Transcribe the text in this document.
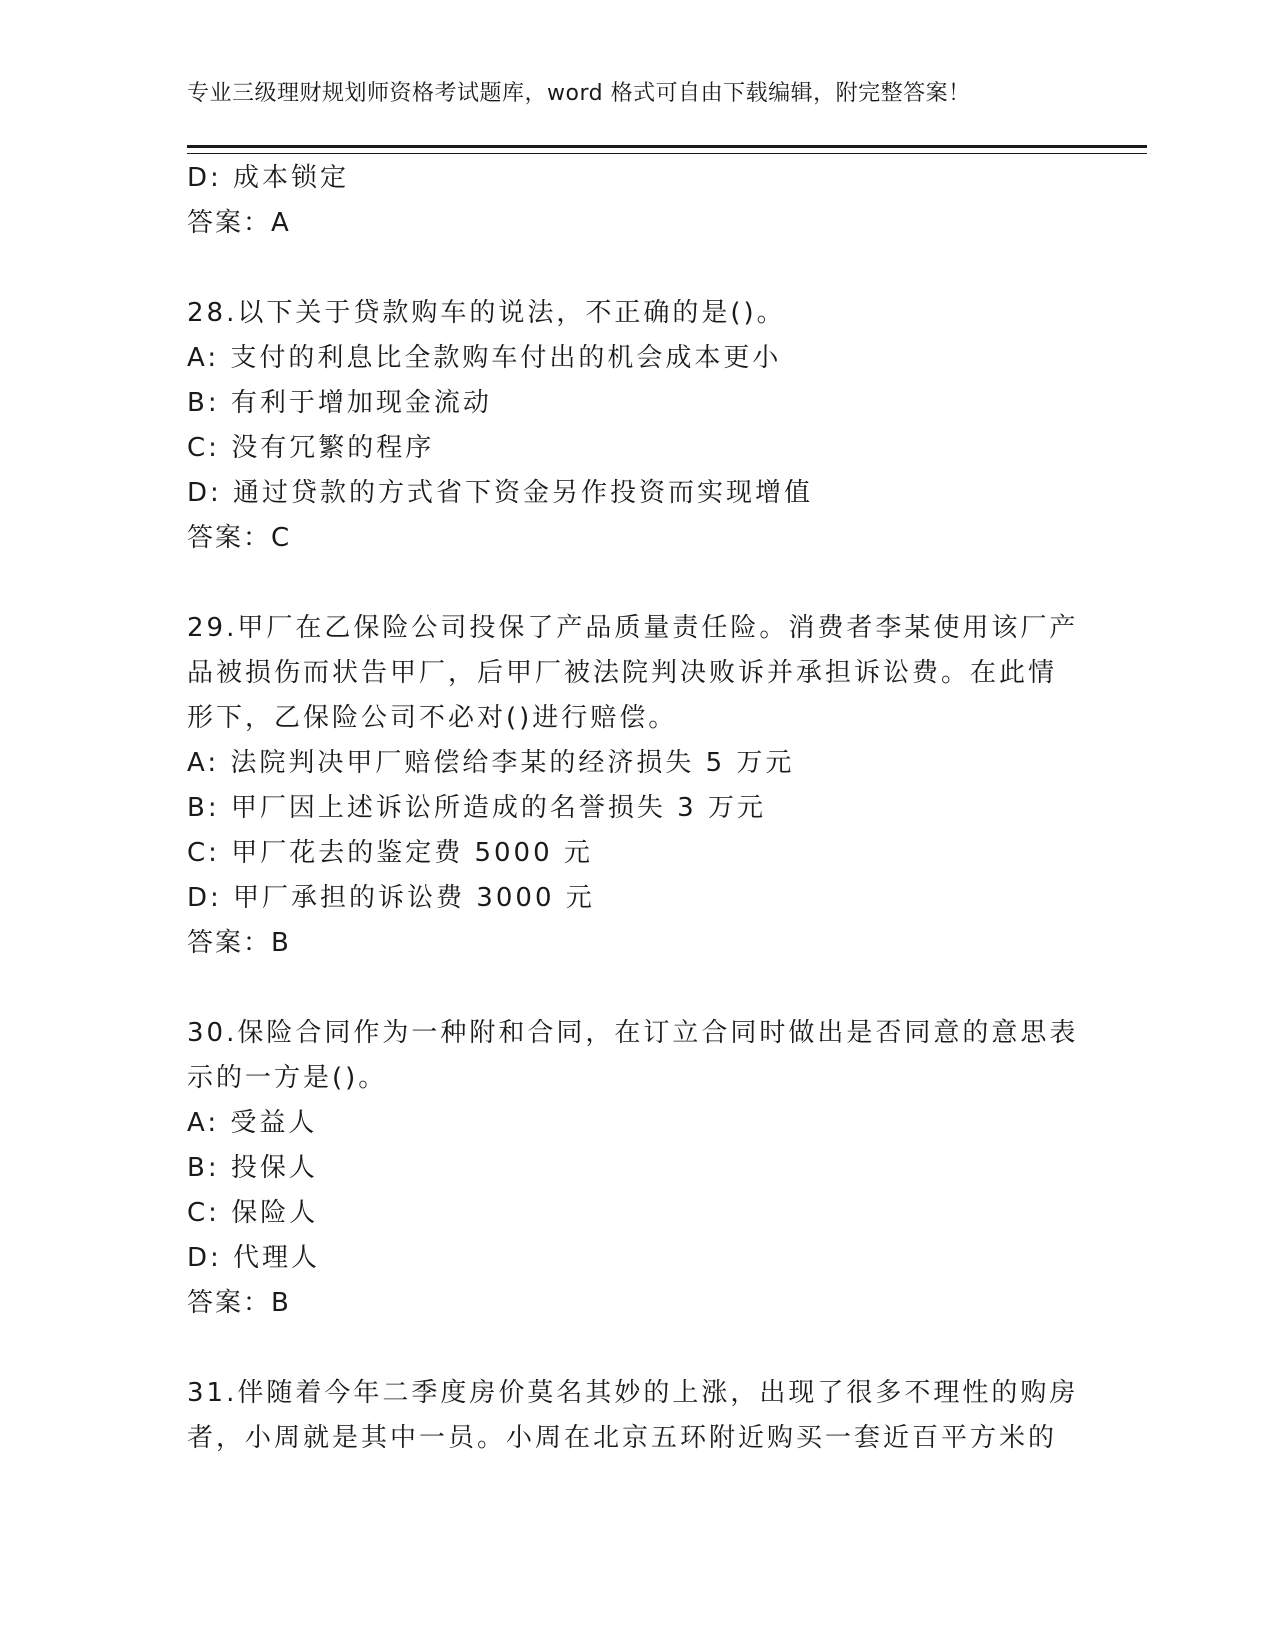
专业三级理财规划师资格考试题库，word 格式可自由下载编辑，附完整答案！
D: 成本锁定
答案：A
28.以下关于贷款购车的说法，不正确的是()。
A: 支付的利息比全款购车付出的机会成本更小
B: 有利于增加现金流动
C: 没有冗繁的程序
D: 通过贷款的方式省下资金另作投资而实现增值
答案：C
29.甲厂在乙保险公司投保了产品质量责任险。消费者李某使用该厂产
品被损伤而状告甲厂，后甲厂被法院判决败诉并承担诉讼费。在此情
形下，乙保险公司不必对()进行赔偿。
A: 法院判决甲厂赔偿给李某的经济损失 5 万元
B: 甲厂因上述诉讼所造成的名誉损失 3 万元
C: 甲厂花去的鉴定费 5000 元
D: 甲厂承担的诉讼费 3000 元
答案：B
30.保险合同作为一种附和合同，在订立合同时做出是否同意的意思表
示的一方是()。
A: 受益人
B: 投保人
C: 保险人
D: 代理人
答案：B
31.伴随着今年二季度房价莫名其妙的上涨，出现了很多不理性的购房
者，小周就是其中一员。小周在北京五环附近购买一套近百平方米的
